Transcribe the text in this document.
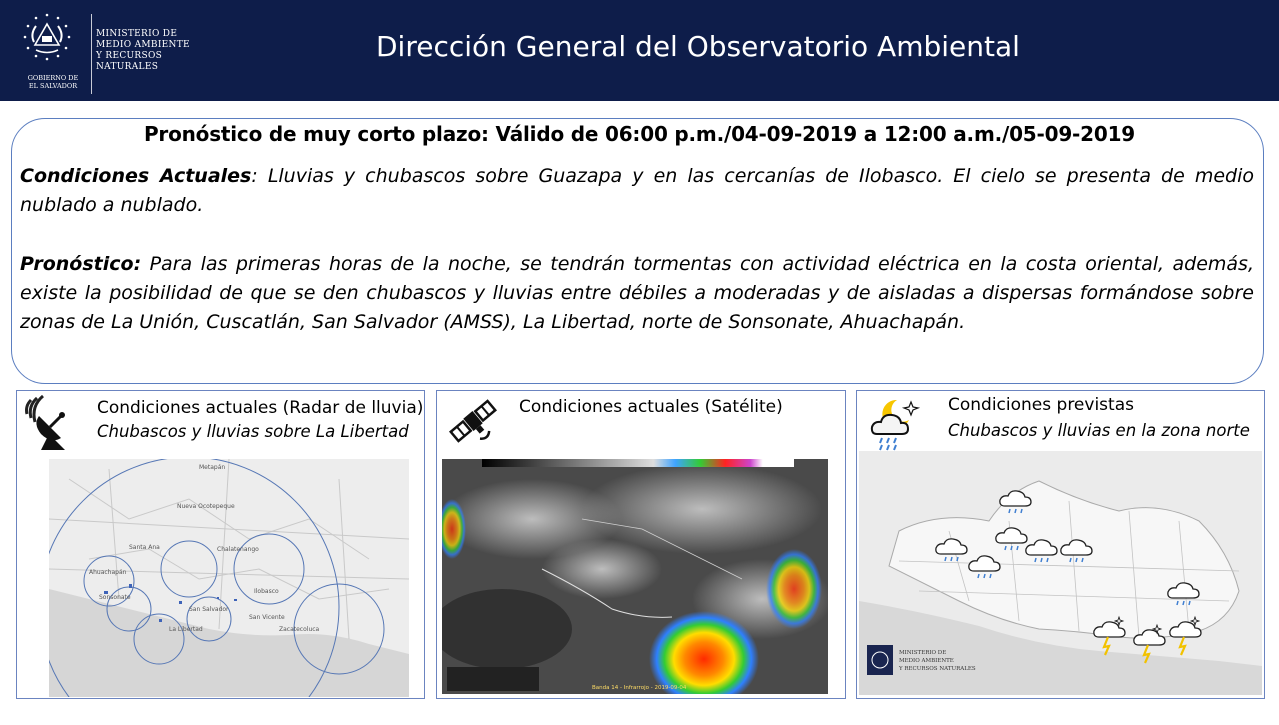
GOBIERNO DE
EL SALVADOR
MINISTERIO DE
MEDIO AMBIENTE
Y RECURSOS
NATURALES
Dirección General del Observatorio Ambiental
Pronóstico de muy corto plazo: Válido de 06:00 p.m./04-09-2019 a 12:00 a.m./05-09-2019
Condiciones Actuales: Lluvias y chubascos sobre Guazapa y en las cercanías de Ilobasco. El cielo se presenta de medio nublado a nublado.
Pronóstico: Para las primeras horas de la noche, se tendrán tormentas con actividad eléctrica en la costa oriental, además, existe la posibilidad de que se den chubascos y lluvias entre débiles a moderadas y de aisladas a dispersas formándose sobre zonas de La Unión, Cuscatlán, San Salvador (AMSS), La Libertad, norte de Sonsonate, Ahuachapán.
Condiciones actuales (Radar de lluvia)
Chubascos y lluvias sobre La Libertad
Nueva Ocotepeque
Chalatenango
Ilobasco
Sonsonate
San Salvador
San Vicente
La Libertad	Zacatecoluca
Ahuachapán
Santa Ana
Metapán
Condiciones actuales (Satélite)
Banda 14 - Infrarrojo - 2019-09-04
Condiciones previstas
Chubascos y lluvias en la zona norte
MINISTERIO DE
MEDIO AMBIENTE
Y RECURSOS NATURALES
